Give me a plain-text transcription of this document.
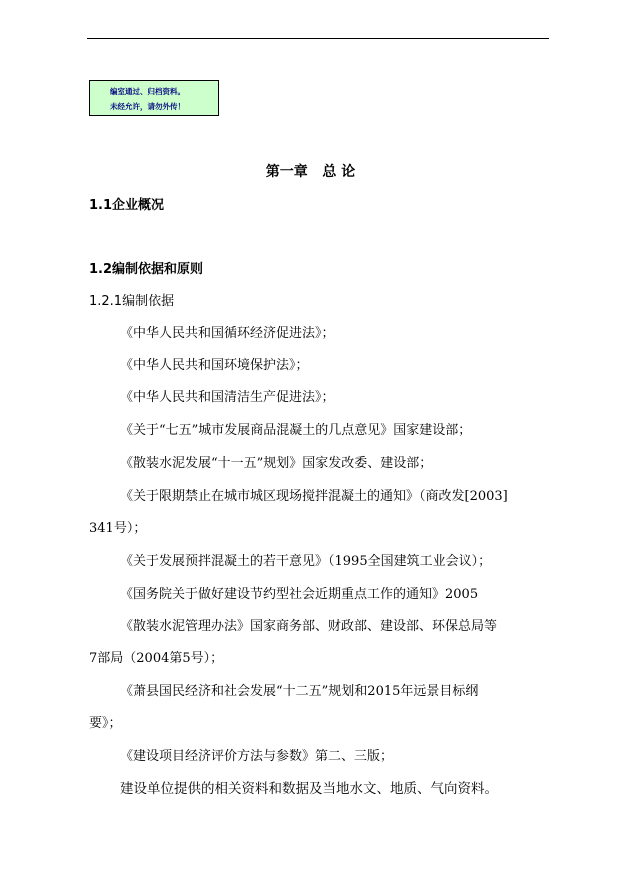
编室通过、归档资料。
未经允许，请勿外传！
第一章   总 论
1.1企业概况
1.2编制依据和原则
1.2.1编制依据
《中华人民共和国循环经济促进法》；
《中华人民共和国环境保护法》；
《中华人民共和国清洁生产促进法》；
《关于“七五”城市发展商品混凝土的几点意见》国家建设部；
《散装水泥发展“十一五”规划》国家发改委、建设部；
《关于限期禁止在城市城区现场搅拌混凝土的通知》（商改发[2003]
341号）；
《关于发展预拌混凝土的若干意见》（1995全国建筑工业会议）；
《国务院关于做好建设节约型社会近期重点工作的通知》2005
《散装水泥管理办法》国家商务部、财政部、建设部、环保总局等
7部局（2004第5号）；
《萧县国民经济和社会发展“十二五”规划和2015年远景目标纲
要》；
《建设项目经济评价方法与参数》第二、三版；
建设单位提供的相关资料和数据及当地水文、地质、气向资料。
